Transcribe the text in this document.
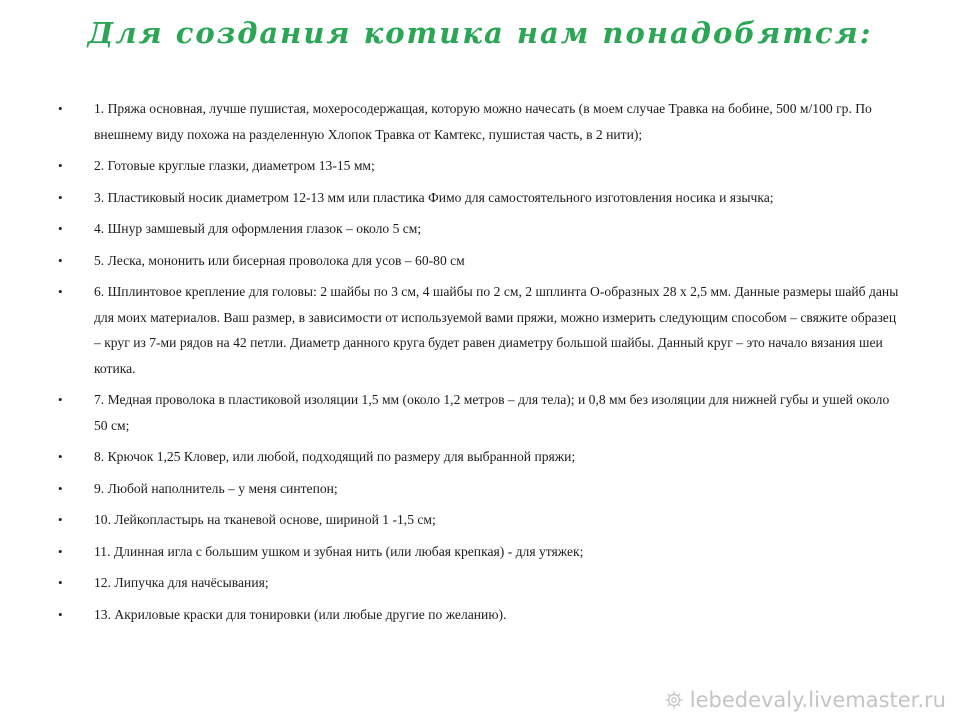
Для создания котика нам понадобятся:
• 1. Пряжа основная, лучше пушистая, мохеросодержащая, которую можно начесать (в моем случае Травка на бобине, 500 м/100 гр. По внешнему виду похожа на разделенную Хлопок Травка от Камтекс, пушистая часть, в 2 нити);
• 2. Готовые круглые глазки, диаметром 13-15 мм;
• 3. Пластиковый носик диаметром 12-13 мм или пластика Фимо для самостоятельного изготовления носика и язычка;
• 4. Шнур замшевый для оформления глазок – около 5 см;
• 5. Леска, мононить или бисерная проволока для усов – 60-80 см
• 6. Шплинтовое крепление для головы: 2 шайбы по 3 см, 4 шайбы по 2 см, 2 шплинта О-образных 28 х 2,5 мм. Данные размеры шайб даны для моих материалов. Ваш размер, в зависимости от используемой вами пряжи, можно измерить следующим способом – свяжите образец – круг из 7-ми рядов на 42 петли. Диаметр данного круга будет равен диаметру большой шайбы. Данный круг – это начало вязания шеи котика.
• 7. Медная проволока в пластиковой изоляции 1,5 мм (около 1,2 метров – для тела); и 0,8 мм без изоляции для нижней губы и ушей около 50 см;
• 8. Крючок 1,25 Кловер, или любой, подходящий по размеру для выбранной пряжи;
• 9. Любой наполнитель – у меня синтепон;
• 10. Лейкопластырь на тканевой основе, шириной 1 -1,5 см;
• 11. Длинная игла с большим ушком и зубная нить (или любая крепкая) - для утяжек;
• 12. Липучка для начёсывания;
• 13. Акриловые краски для тонировки (или любые другие по желанию).
lebedevaly.livemaster.ru
